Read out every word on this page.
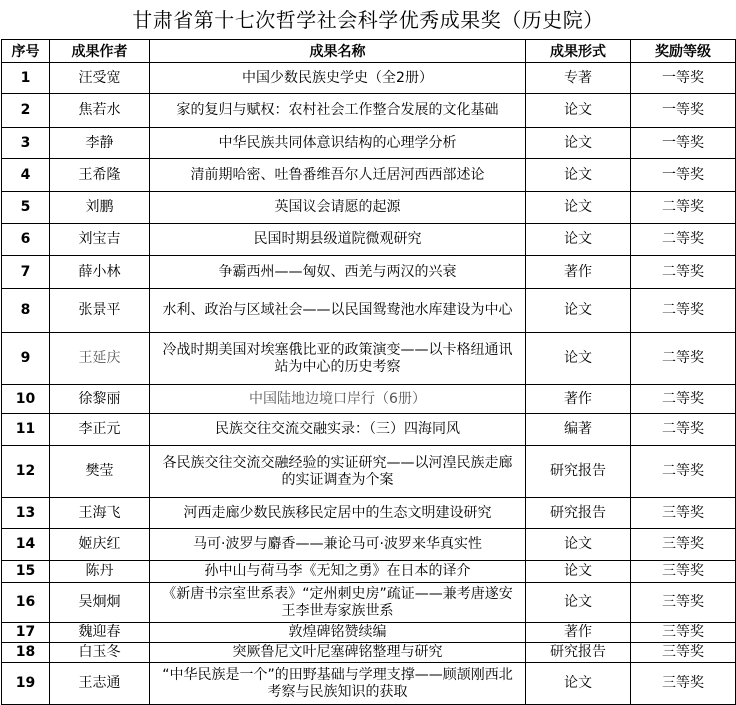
甘肃省第十七次哲学社会科学优秀成果奖（历史院）
序号	成果作者	成果名称	成果形式	奖励等级
1	汪受宽	中国少数民族史学史（全2册）	专著	一等奖
2	焦若水	家的复归与赋权：农村社会工作整合发展的文化基础	论文	一等奖
3	李静	中华民族共同体意识结构的心理学分析	论文	一等奖
4	王希隆	清前期哈密、吐鲁番维吾尔人迁居河西西部述论	论文	一等奖
5	刘鹏	英国议会请愿的起源	论文	二等奖
6	刘宝吉	民国时期县级道院微观研究	论文	二等奖
7	薛小林	争霸西州——匈奴、西羌与两汉的兴衰	著作	二等奖
8	张景平	水利、政治与区域社会——以民国鸳鸯池水库建设为中心	论文	二等奖
9	王延庆	冷战时期美国对埃塞俄比亚的政策演变——以卡格纽通讯站为中心的历史考察	论文	二等奖
10	徐黎丽	中国陆地边境口岸行（6册）	著作	二等奖
11	李正元	民族交往交流交融实录：（三）四海同风	编著	二等奖
12	樊莹	各民族交往交流交融经验的实证研究——以河湟民族走廊的实证调查为个案	研究报告	二等奖
13	王海飞	河西走廊少数民族移民定居中的生态文明建设研究	研究报告	三等奖
14	姬庆红	马可·波罗与麝香——兼论马可·波罗来华真实性	论文	三等奖
15	陈丹	孙中山与荷马李《无知之勇》在日本的译介	论文	三等奖
16	吴炯炯	《新唐书宗室世系表》“定州刺史房”疏证——兼考唐遂安王李世寿家族世系	论文	三等奖
17	魏迎春	敦煌碑铭赞续编	著作	三等奖
18	白玉冬	突厥鲁尼文叶尼塞碑铭整理与研究	研究报告	三等奖
19	王志通	“中华民族是一个”的田野基础与学理支撑——顾颉刚西北考察与民族知识的获取	论文	三等奖
